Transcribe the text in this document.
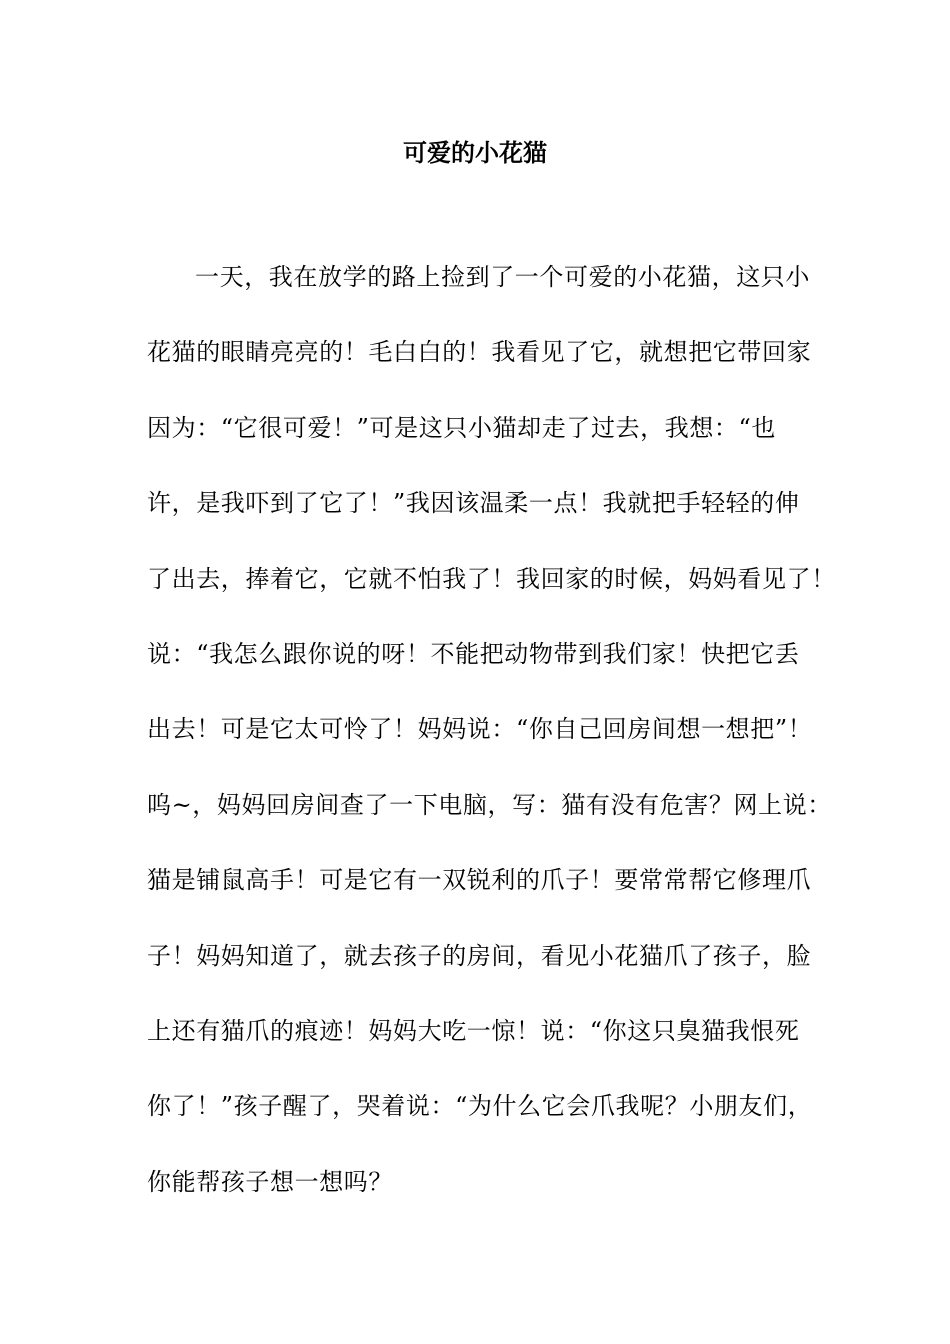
可爱的小花猫
一天，我在放学的路上捡到了一个可爱的小花猫，这只小
花猫的眼睛亮亮的！毛白白的！我看见了它，就想把它带回家
因为：“它很可爱！”可是这只小猫却走了过去，我想：“也
许，是我吓到了它了！”我因该温柔一点！我就把手轻轻的伸
了出去，捧着它，它就不怕我了！我回家的时候，妈妈看见了！
说：“我怎么跟你说的呀！不能把动物带到我们家！快把它丢
出去！可是它太可怜了！妈妈说：“你自己回房间想一想把”！
呜~，妈妈回房间查了一下电脑，写：猫有没有危害？网上说：
猫是铺鼠高手！可是它有一双锐利的爪子！要常常帮它修理爪
子！妈妈知道了，就去孩子的房间，看见小花猫爪了孩子，脸
上还有猫爪的痕迹！妈妈大吃一惊！说：“你这只臭猫我恨死
你了！”孩子醒了，哭着说：“为什么它会爪我呢？小朋友们，
你能帮孩子想一想吗？
